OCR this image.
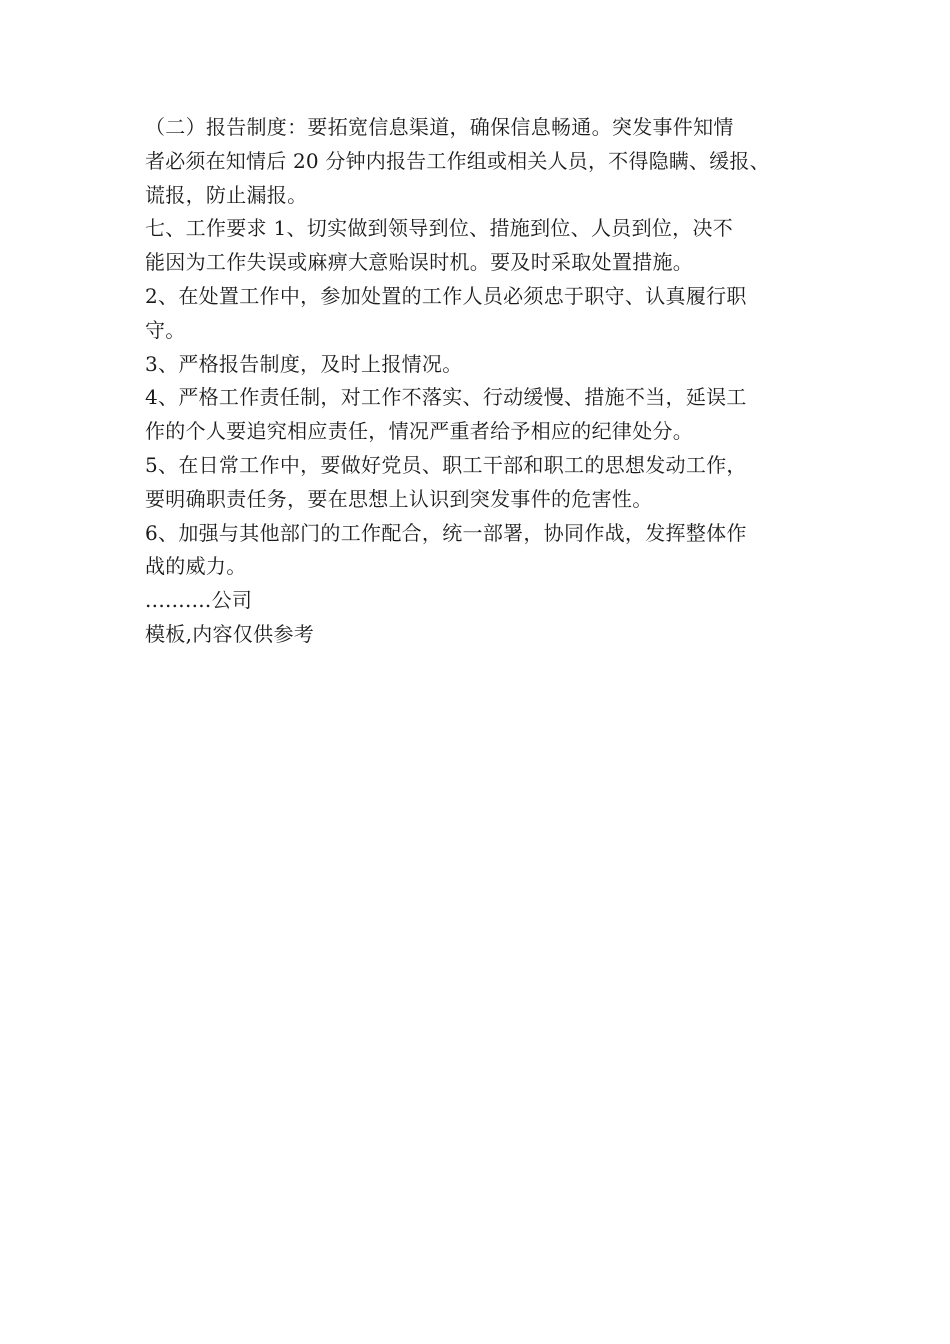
（二）报告制度：要拓宽信息渠道，确保信息畅通。突发事件知情
者必须在知情后 20 分钟内报告工作组或相关人员，不得隐瞒、缓报、
谎报，防止漏报。
七、工作要求 1、切实做到领导到位、措施到位、人员到位，决不
能因为工作失误或麻痹大意贻误时机。要及时采取处置措施。
2、在处置工作中，参加处置的工作人员必须忠于职守、认真履行职
守。
3、严格报告制度，及时上报情况。
4、严格工作责任制，对工作不落实、行动缓慢、措施不当，延误工
作的个人要追究相应责任，情况严重者给予相应的纪律处分。
5、在日常工作中，要做好党员、职工干部和职工的思想发动工作，
要明确职责任务，要在思想上认识到突发事件的危害性。
6、加强与其他部门的工作配合，统一部署，协同作战，发挥整体作
战的威力。
..........公司
模板,内容仅供参考
